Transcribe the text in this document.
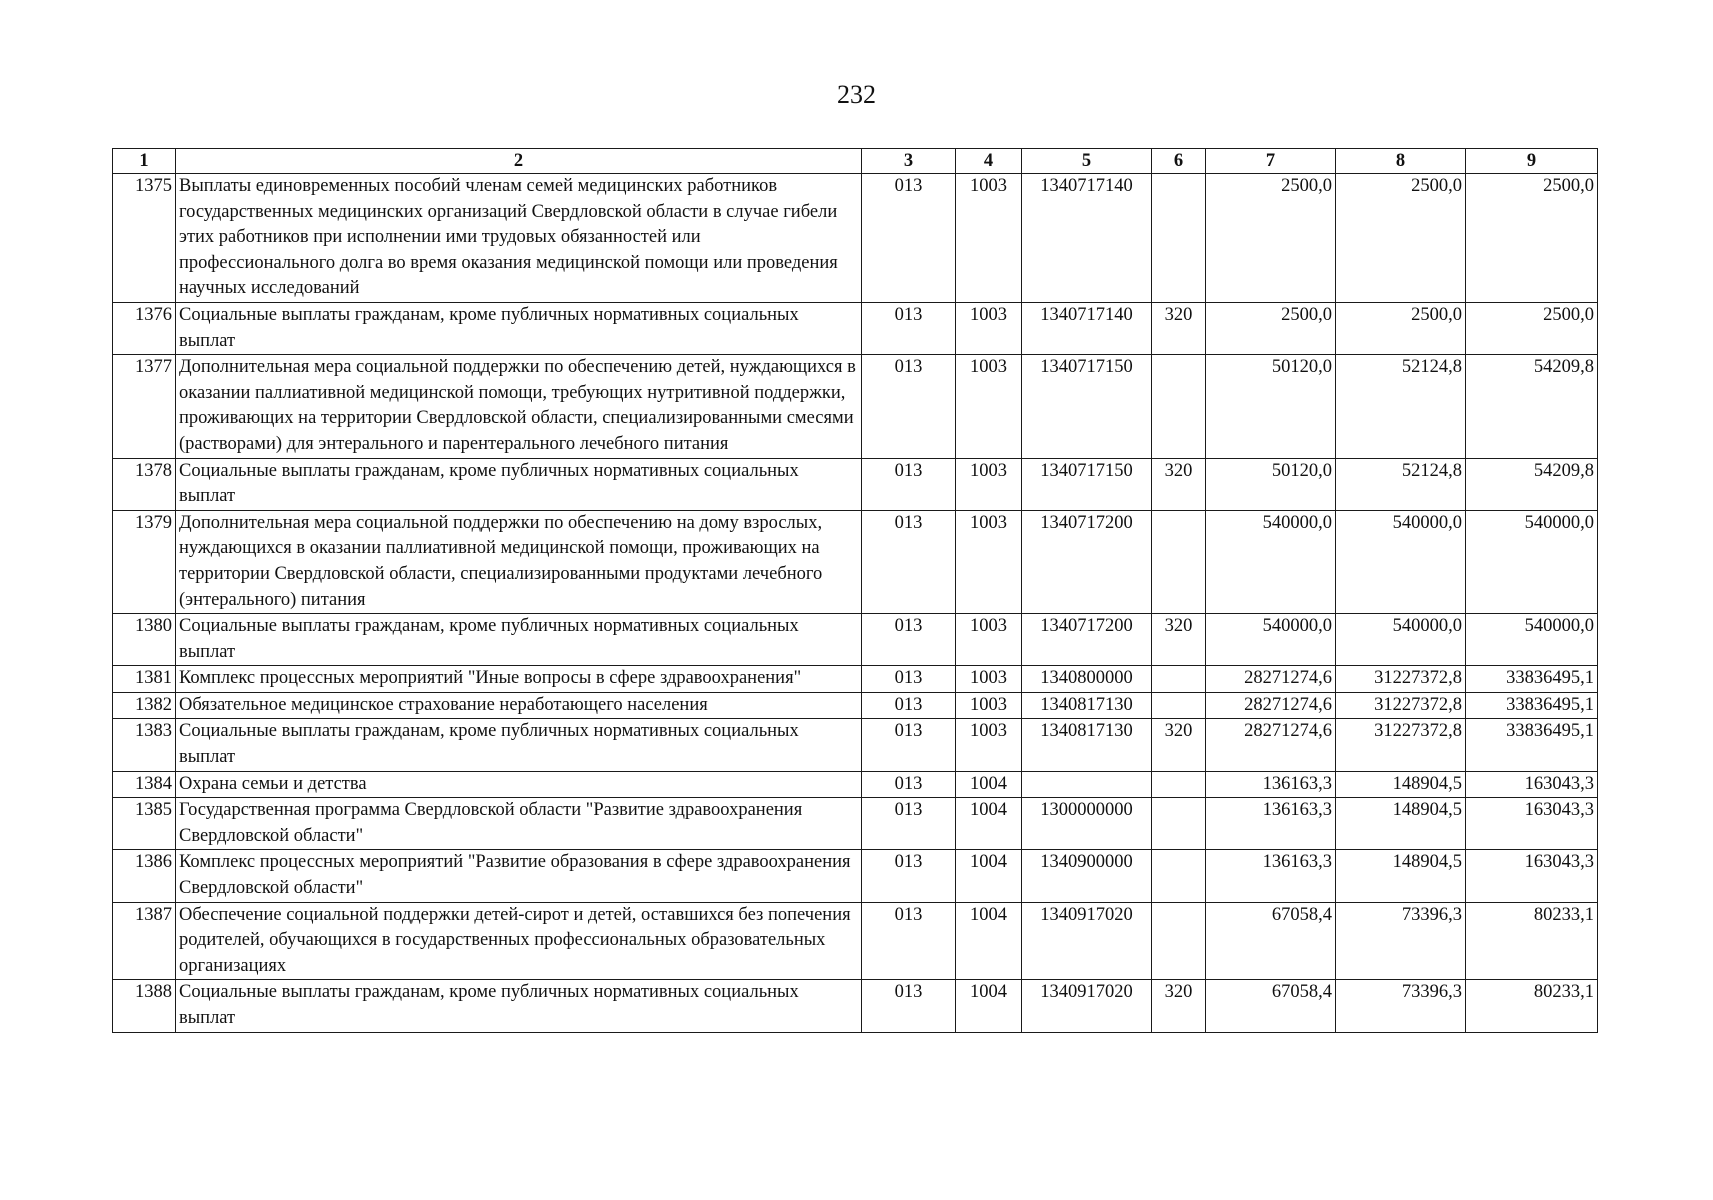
232
1	2	3	4	5	6	7	8	9
1375	Выплаты единовременных пособий членам семей медицинских работников государственных медицинских организаций Свердловской области в случае гибели этих работников при исполнении ими трудовых обязанностей или профессионального долга во время оказания медицинской помощи или проведения научных исследований	013	1003	1340717140		2500,0	2500,0	2500,0
1376	Социальные выплаты гражданам, кроме публичных нормативных социальных выплат	013	1003	1340717140	320	2500,0	2500,0	2500,0
1377	Дополнительная мера социальной поддержки по обеспечению детей, нуждающихся в оказании паллиативной медицинской помощи, требующих нутритивной поддержки, проживающих на территории Свердловской области, специализированными смесями (растворами) для энтерального и парентерального лечебного питания	013	1003	1340717150		50120,0	52124,8	54209,8
1378	Социальные выплаты гражданам, кроме публичных нормативных социальных выплат	013	1003	1340717150	320	50120,0	52124,8	54209,8
1379	Дополнительная мера социальной поддержки по обеспечению на дому взрослых, нуждающихся в оказании паллиативной медицинской помощи, проживающих на территории Свердловской области, специализированными продуктами лечебного (энтерального) питания	013	1003	1340717200		540000,0	540000,0	540000,0
1380	Социальные выплаты гражданам, кроме публичных нормативных социальных выплат	013	1003	1340717200	320	540000,0	540000,0	540000,0
1381	Комплекс процессных мероприятий "Иные вопросы в сфере здравоохранения"	013	1003	1340800000		28271274,6	31227372,8	33836495,1
1382	Обязательное медицинское страхование неработающего населения	013	1003	1340817130		28271274,6	31227372,8	33836495,1
1383	Социальные выплаты гражданам, кроме публичных нормативных социальных выплат	013	1003	1340817130	320	28271274,6	31227372,8	33836495,1
1384	Охрана семьи и детства	013	1004			136163,3	148904,5	163043,3
1385	Государственная программа Свердловской области "Развитие здравоохранения Свердловской области"	013	1004	1300000000		136163,3	148904,5	163043,3
1386	Комплекс процессных мероприятий "Развитие образования в сфере здравоохранения Свердловской области"	013	1004	1340900000		136163,3	148904,5	163043,3
1387	Обеспечение социальной поддержки детей-сирот и детей, оставшихся без попечения родителей, обучающихся в государственных профессиональных образовательных организациях	013	1004	1340917020		67058,4	73396,3	80233,1
1388	Социальные выплаты гражданам, кроме публичных нормативных социальных выплат	013	1004	1340917020	320	67058,4	73396,3	80233,1
